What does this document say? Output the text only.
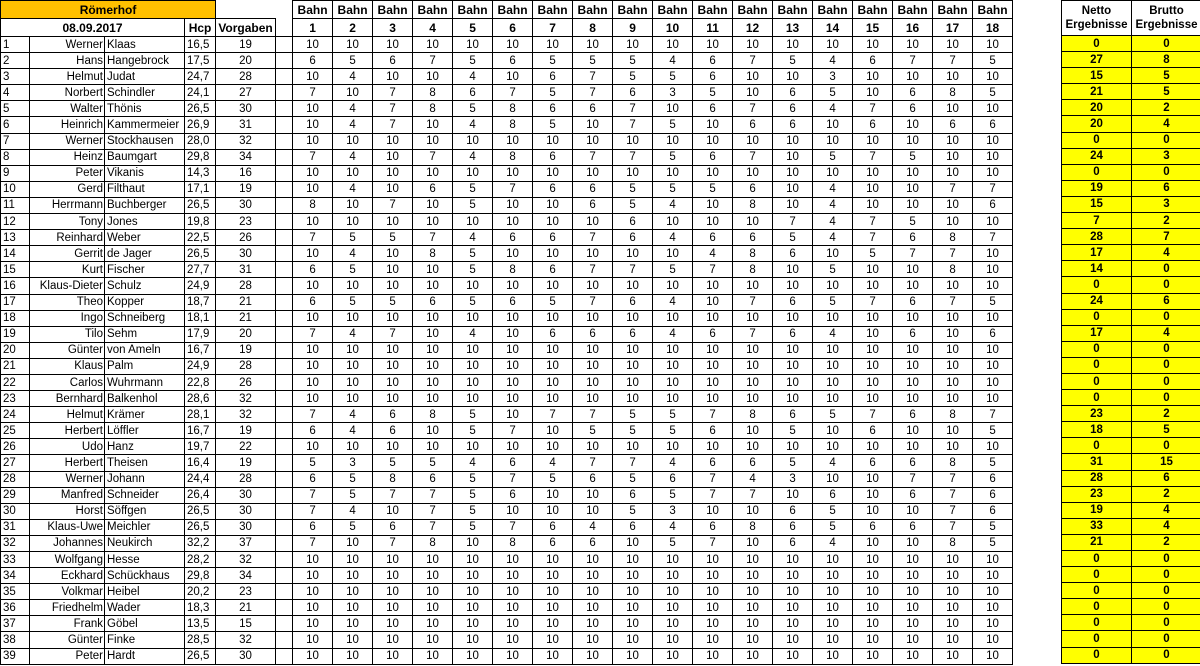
Römerhof						Bahn	Bahn	Bahn	Bahn	Bahn	Bahn	Bahn	Bahn	Bahn	Bahn	Bahn	Bahn	Bahn	Bahn	Bahn	Bahn	Bahn	Bahn
08.09.2017			Hcp	Vorgaben		1	2	3	4	5	6	7	8	9	10	11	12	13	14	15	16	17	18
1	Werner	Klaas	16,5	19		10	10	10	10	10	10	10	10	10	10	10	10	10	10	10	10	10	10
2	Hans	Hangebrock	17,5	20		6	5	6	7	5	6	5	5	5	4	6	7	5	4	6	7	7	5
3	Helmut	Judat	24,7	28		10	4	10	10	4	10	6	7	5	5	6	10	10	3	10	10	10	10
4	Norbert	Schindler	24,1	27		7	10	7	8	6	7	5	7	6	3	5	10	6	5	10	6	8	5
5	Walter	Thönis	26,5	30		10	4	7	8	5	8	6	6	7	10	6	7	6	4	7	6	10	10
6	Heinrich	Kammermeier	26,9	31		10	4	7	10	4	8	5	10	7	5	10	6	6	10	6	10	6	6
7	Werner	Stockhausen	28,0	32		10	10	10	10	10	10	10	10	10	10	10	10	10	10	10	10	10	10
8	Heinz	Baumgart	29,8	34		7	4	10	7	4	8	6	7	7	5	6	7	10	5	7	5	10	10
9	Peter	Vikanis	14,3	16		10	10	10	10	10	10	10	10	10	10	10	10	10	10	10	10	10	10
10	Gerd	Filthaut	17,1	19		10	4	10	6	5	7	6	6	5	5	5	6	10	4	10	10	7	7
11	Herrmann	Buchberger	26,5	30		8	10	7	10	5	10	10	6	5	4	10	8	10	4	10	10	10	6
12	Tony	Jones	19,8	23		10	10	10	10	10	10	10	10	6	10	10	10	7	4	7	5	10	10
13	Reinhard	Weber	22,5	26		7	5	5	7	4	6	6	7	6	4	6	6	5	4	7	6	8	7
14	Gerrit	de Jager	26,5	30		10	4	10	8	5	10	10	10	10	10	4	8	6	10	5	7	7	10
15	Kurt	Fischer	27,7	31		6	5	10	10	5	8	6	7	7	5	7	8	10	5	10	10	8	10
16	Klaus-Dieter	Schulz	24,9	28		10	10	10	10	10	10	10	10	10	10	10	10	10	10	10	10	10	10
17	Theo	Kopper	18,7	21		6	5	5	6	5	6	5	7	6	4	10	7	6	5	7	6	7	5
18	Ingo	Schneiberg	18,1	21		10	10	10	10	10	10	10	10	10	10	10	10	10	10	10	10	10	10
19	Tilo	Sehm	17,9	20		7	4	7	10	4	10	6	6	6	4	6	7	6	4	10	6	10	6
20	Günter	von Ameln	16,7	19		10	10	10	10	10	10	10	10	10	10	10	10	10	10	10	10	10	10
21	Klaus	Palm	24,9	28		10	10	10	10	10	10	10	10	10	10	10	10	10	10	10	10	10	10
22	Carlos	Wuhrmann	22,8	26		10	10	10	10	10	10	10	10	10	10	10	10	10	10	10	10	10	10
23	Bernhard	Balkenhol	28,6	32		10	10	10	10	10	10	10	10	10	10	10	10	10	10	10	10	10	10
24	Helmut	Krämer	28,1	32		7	4	6	8	5	10	7	7	5	5	7	8	6	5	7	6	8	7
25	Herbert	Löffler	16,7	19		6	4	6	10	5	7	10	5	5	5	6	10	5	10	6	10	10	5
26	Udo	Hanz	19,7	22		10	10	10	10	10	10	10	10	10	10	10	10	10	10	10	10	10	10
27	Herbert	Theisen	16,4	19		5	3	5	5	4	6	4	7	7	4	6	6	5	4	6	6	8	5
28	Werner	Johann	24,4	28		6	5	8	6	5	7	5	6	5	6	7	4	3	10	10	7	7	6
29	Manfred	Schneider	26,4	30		7	5	7	7	5	6	10	10	6	5	7	7	10	6	10	6	7	6
30	Horst	Söffgen	26,5	30		7	4	10	7	5	10	10	10	5	3	10	10	6	5	10	10	7	6
31	Klaus-Uwe	Meichler	26,5	30		6	5	6	7	5	7	6	4	6	4	6	8	6	5	6	6	7	5
32	Johannes	Neukirch	32,2	37		7	10	7	8	10	8	6	6	10	5	7	10	6	4	10	10	8	5
33	Wolfgang	Hesse	28,2	32		10	10	10	10	10	10	10	10	10	10	10	10	10	10	10	10	10	10
34	Eckhard	Schückhaus	29,8	34		10	10	10	10	10	10	10	10	10	10	10	10	10	10	10	10	10	10
35	Volkmar	Heibel	20,2	23		10	10	10	10	10	10	10	10	10	10	10	10	10	10	10	10	10	10
36	Friedhelm	Wader	18,3	21		10	10	10	10	10	10	10	10	10	10	10	10	10	10	10	10	10	10
37	Frank	Göbel	13,5	15		10	10	10	10	10	10	10	10	10	10	10	10	10	10	10	10	10	10
38	Günter	Finke	28,5	32		10	10	10	10	10	10	10	10	10	10	10	10	10	10	10	10	10	10
39	Peter	Hardt	26,5	30		10	10	10	10	10	10	10	10	10	10	10	10	10	10	10	10	10	10
Netto
Ergebnisse	Brutto
Ergebnisse
0	0
27	8
15	5
21	5
20	2
20	4
0	0
24	3
0	0
19	6
15	3
7	2
28	7
17	4
14	0
0	0
24	6
0	0
17	4
0	0
0	0
0	0
0	0
23	2
18	5
0	0
31	15
28	6
23	2
19	4
33	4
21	2
0	0
0	0
0	0
0	0
0	0
0	0
0	0
